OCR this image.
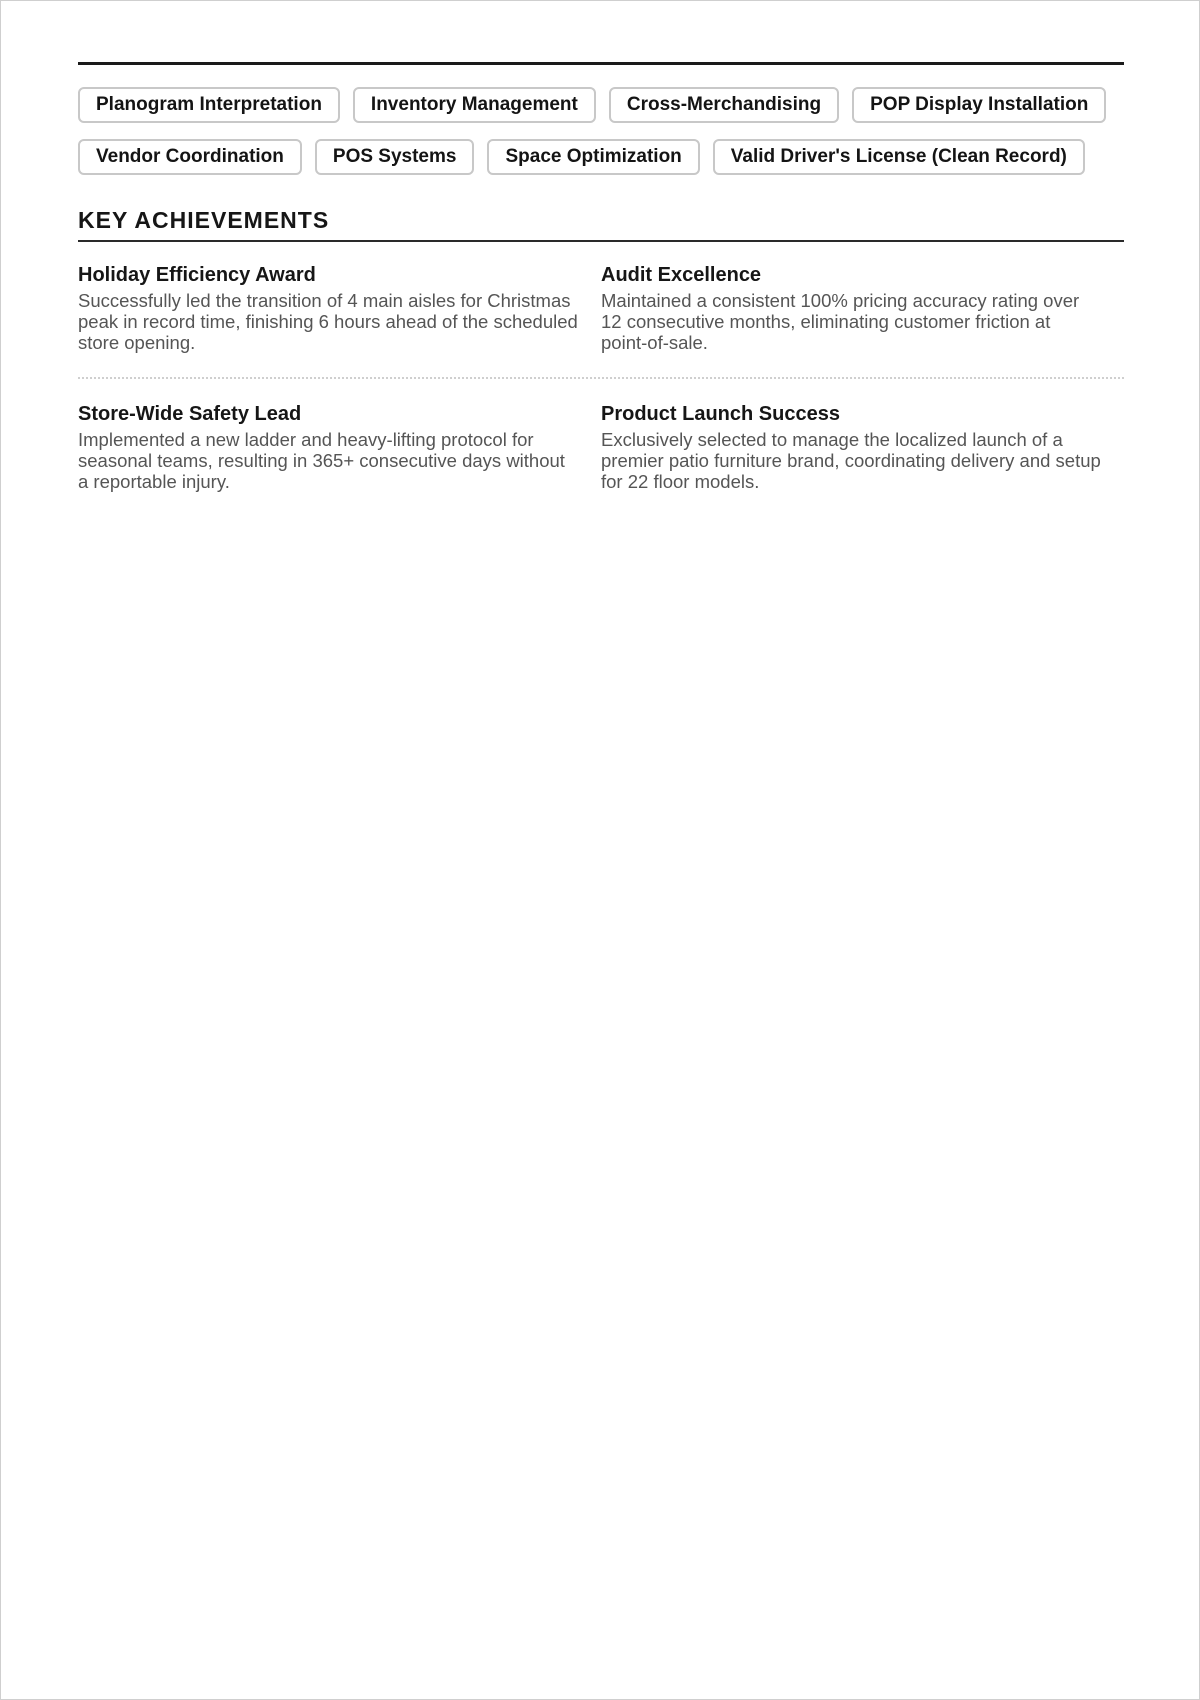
Planogram Interpretation	Inventory Management	Cross-Merchandising	POP Display Installation
Vendor Coordination	POS Systems	Space Optimization	Valid Driver's License (Clean Record)
KEY ACHIEVEMENTS
Holiday Efficiency Award

Successfully led the transition of 4 main aisles for Christmas peak in record time, finishing 6 hours ahead of the scheduled store opening.

Audit Excellence

Maintained a consistent 100% pricing accuracy rating over 12 consecutive months, eliminating customer friction at point-of-sale.

Store-Wide Safety Lead

Implemented a new ladder and heavy-lifting protocol for seasonal teams, resulting in 365+ consecutive days without a reportable injury.

Product Launch Success

Exclusively selected to manage the localized launch of a premier patio furniture brand, coordinating delivery and setup for 22 floor models.
